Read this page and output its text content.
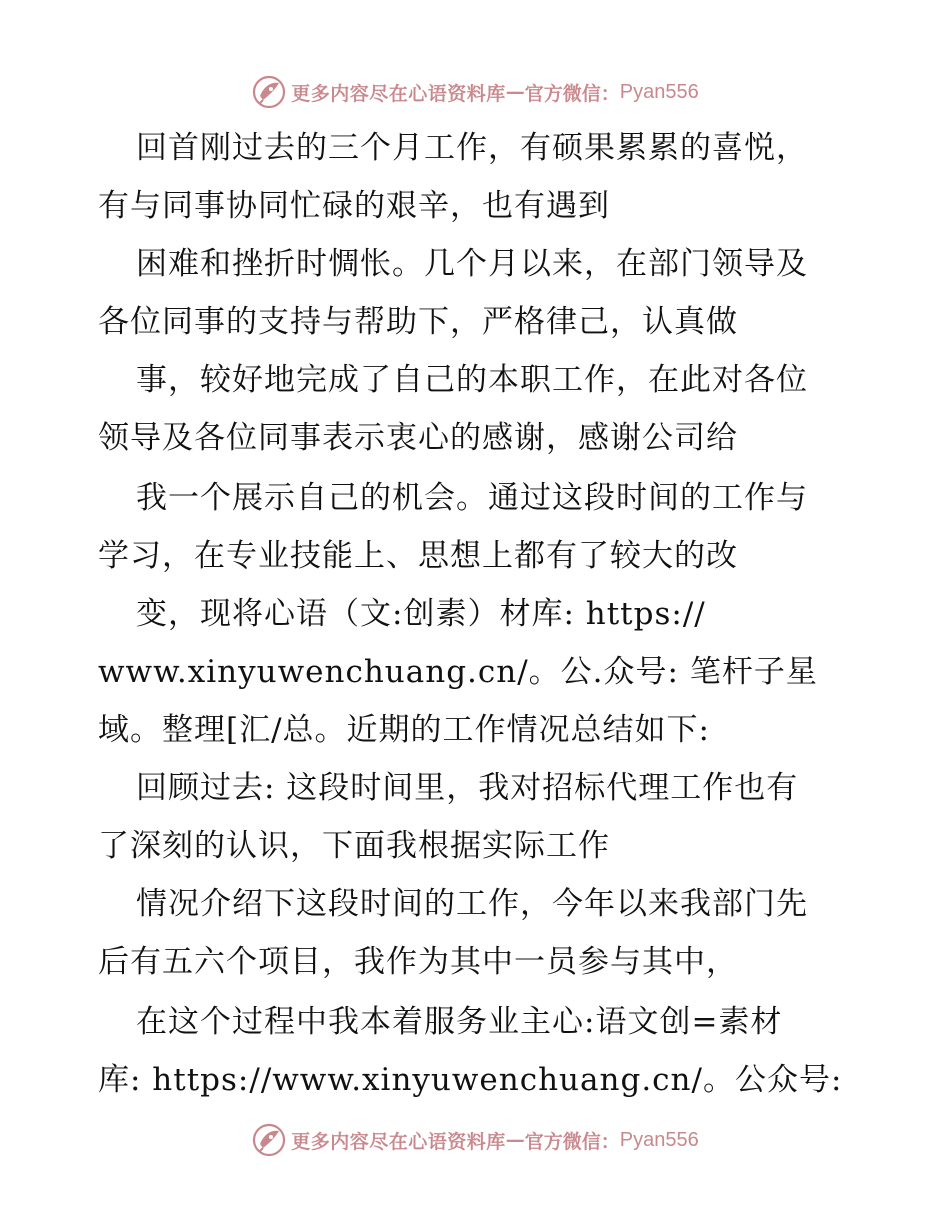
更多内容尽在心语资料库 — 官方微信： Pyan556
回首刚过去的三个月工作，有硕果累累的喜悦，
有与同事协同忙碌的艰辛，也有遇到
困难和挫折时惆怅。几个月以来，在部门领导及
各位同事的支持与帮助下，严格律己，认真做
事，较好地完成了自己的本职工作，在此对各位
领导及各位同事表示衷心的感谢，感谢公司给
我一个展示自己的机会。通过这段时间的工作与
学习，在专业技能上、思想上都有了较大的改
变，现将心语（文:创素）材库: https://
www.xinyuwenchuang.cn/。公.众号: 笔杆子星
域。整理[汇/总。近期的工作情况总结如下:
回顾过去: 这段时间里，我对招标代理工作也有
了深刻的认识，下面我根据实际工作
情况介绍下这段时间的工作，今年以来我部门先
后有五六个项目，我作为其中一员参与其中，
在这个过程中我本着服务业主心:语文创=素材
库: https://www.xinyuwenchuang.cn/。公众号:
更多内容尽在心语资料库 — 官方微信： Pyan556
